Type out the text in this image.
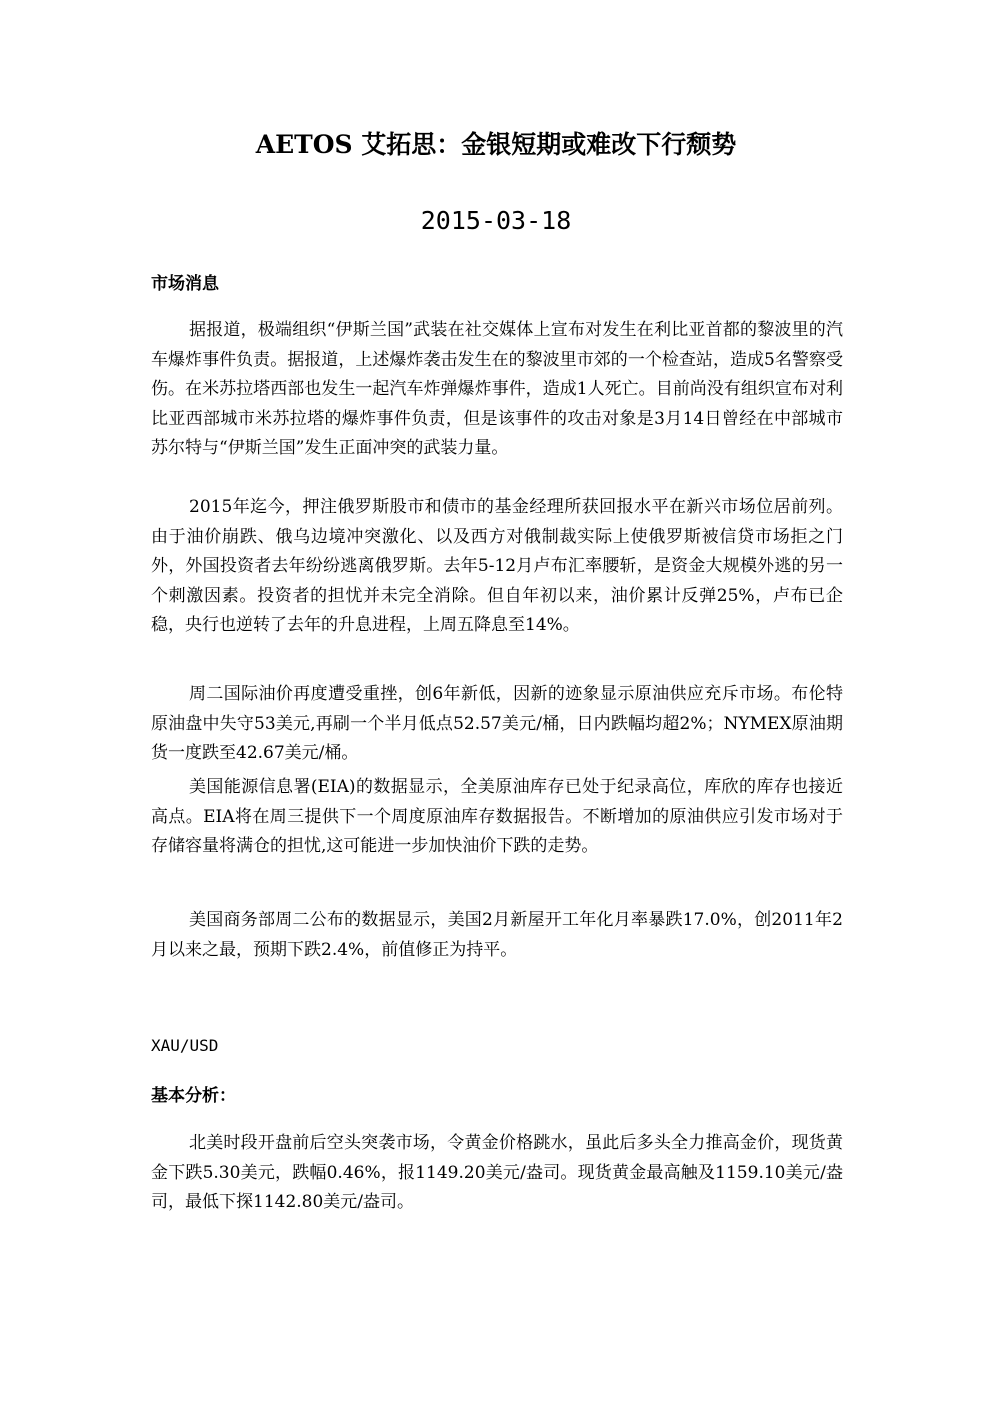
AETOS 艾拓思：金银短期或难改下行颓势
2015-03-18
市场消息

据报道，极端组织“伊斯兰国”武装在社交媒体上宣布对发生在利比亚首都的黎波里的汽车爆炸事件负责。据报道，上述爆炸袭击发生在的黎波里市郊的一个检查站，造成5名警察受伤。在米苏拉塔西部也发生一起汽车炸弹爆炸事件，造成1人死亡。目前尚没有组织宣布对利比亚西部城市米苏拉塔的爆炸事件负责，但是该事件的攻击对象是3月14日曾经在中部城市苏尔特与“伊斯兰国”发生正面冲突的武装力量。

2015年迄今，押注俄罗斯股市和债市的基金经理所获回报水平在新兴市场位居前列。由于油价崩跌、俄乌边境冲突激化、以及西方对俄制裁实际上使俄罗斯被信贷市场拒之门外，外国投资者去年纷纷逃离俄罗斯。去年5-12月卢布汇率腰斩，是资金大规模外逃的另一个刺激因素。投资者的担忧并未完全消除。但自年初以来，油价累计反弹25%，卢布已企稳，央行也逆转了去年的升息进程，上周五降息至14%。

周二国际油价再度遭受重挫，创6年新低，因新的迹象显示原油供应充斥市场。布伦特原油盘中失守53美元,再刷一个半月低点52.57美元/桶，日内跌幅均超2%；NYMEX原油期货一度跌至42.67美元/桶。

美国能源信息署(EIA)的数据显示，全美原油库存已处于纪录高位，库欣的库存也接近高点。EIA将在周三提供下一个周度原油库存数据报告。不断增加的原油供应引发市场对于存储容量将满仓的担忧,这可能进一步加快油价下跌的走势。

美国商务部周二公布的数据显示，美国2月新屋开工年化月率暴跌17.0%，创2011年2月以来之最，预期下跌2.4%，前值修正为持平。

XAU/USD
基本分析：

北美时段开盘前后空头突袭市场，令黄金价格跳水，虽此后多头全力推高金价，现货黄金下跌5.30美元，跌幅0.46%，报1149.20美元/盎司。现货黄金最高触及1159.10美元/盎司，最低下探1142.80美元/盎司。
